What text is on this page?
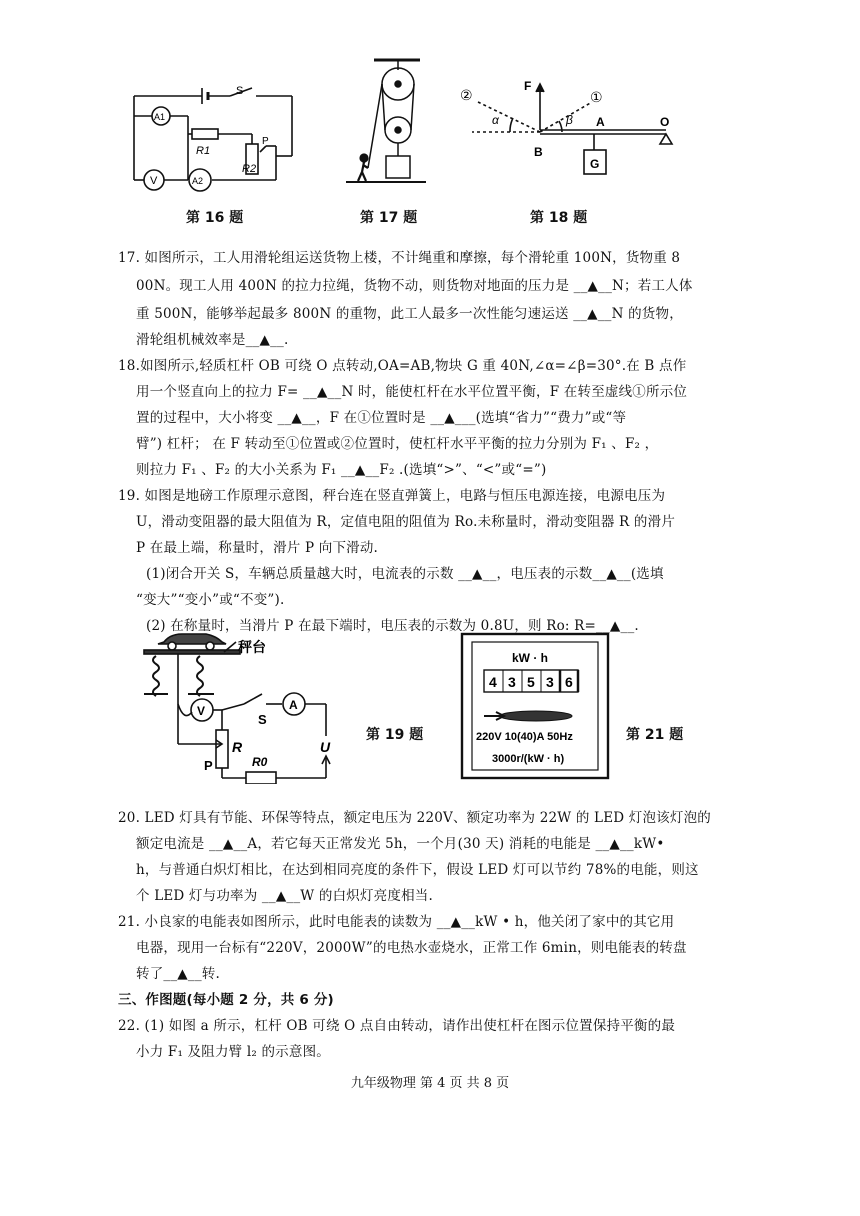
S
A1
R1
P
R2
V	A2
第 16 题	第 17 题
F
②	①
α	β A	O
B
G
第 18 题
17. 如图所示，工人用滑轮组运送货物上楼，不计绳重和摩擦，每个滑轮重 100N，货物重 8
00N。现工人用 400N 的拉力拉绳，货物不动，则货物对地面的压力是 __▲__N；若工人体
重 500N，能够举起最多 800N 的重物，此工人最多一次性能匀速运送 __▲__N 的货物，
滑轮组机械效率是__▲__.
18.如图所示,轻质杠杆 OB 可绕 O 点转动,OA=AB,物块 G 重 40N,∠α=∠β=30°.在 B 点作
用一个竖直向上的拉力 F= __▲__N 时，能使杠杆在水平位置平衡，F 在转至虚线①所示位
置的过程中，大小将变 __▲__，F 在①位置时是 __▲___(选填“省力”“费力”或“等
臂”) 杠杆； 在 F 转动至①位置或②位置时，使杠杆水平平衡的拉力分别为 F₁ 、F₂ ，
则拉力 F₁ 、F₂ 的大小关系为 F₁ __▲__F₂ .(选填“>”、“<”或“=”)
19. 如图是地磅工作原理示意图，秤台连在竖直弹簧上，电路与恒压电源连接，电源电压为
U，滑动变阻器的最大阻值为 R，定值电阻的阻值为 Ro.未称量时，滑动变阻器 R 的滑片
P 在最上端，称量时，滑片 P 向下滑动.
(1)闭合开关 S，车辆总质量越大时，电流表的示数 __▲__，电压表的示数__▲__(选填
“变大”“变小”或“不变”).
(2) 在称量时，当滑片 P 在最下端时，电压表的示数为 0.8U，则 Ro: R=__▲__.
秤台
V
S
A
R	U
P	R0
第 19 题
kW · h
4 3 5 3 6
220V 10(40)A 50Hz
3000r/(kW · h)
第 21 题
20. LED 灯具有节能、环保等特点，额定电压为 220V、额定功率为 22W 的 LED 灯泡该灯泡的
额定电流是 __▲__A，若它每天正常发光 5h，一个月(30 天) 消耗的电能是 __▲__kW•
h，与普通白炽灯相比，在达到相同亮度的条件下，假设 LED 灯可以节约 78%的电能，则这
个 LED 灯与功率为 __▲__W 的白炽灯亮度相当.
21. 小良家的电能表如图所示，此时电能表的读数为 __▲__kW • h，他关闭了家中的其它用
电器，现用一台标有“220V，2000W”的电热水壶烧水，正常工作 6min，则电能表的转盘
转了__▲__转.
三、作图题(每小题 2 分，共 6 分)
22. (1) 如图 a 所示，杠杆 OB 可绕 O 点自由转动，请作出使杠杆在图示位置保持平衡的最
小力 F₁ 及阻力臂 l₂ 的示意图。
九年级物理 第 4 页 共 8 页
